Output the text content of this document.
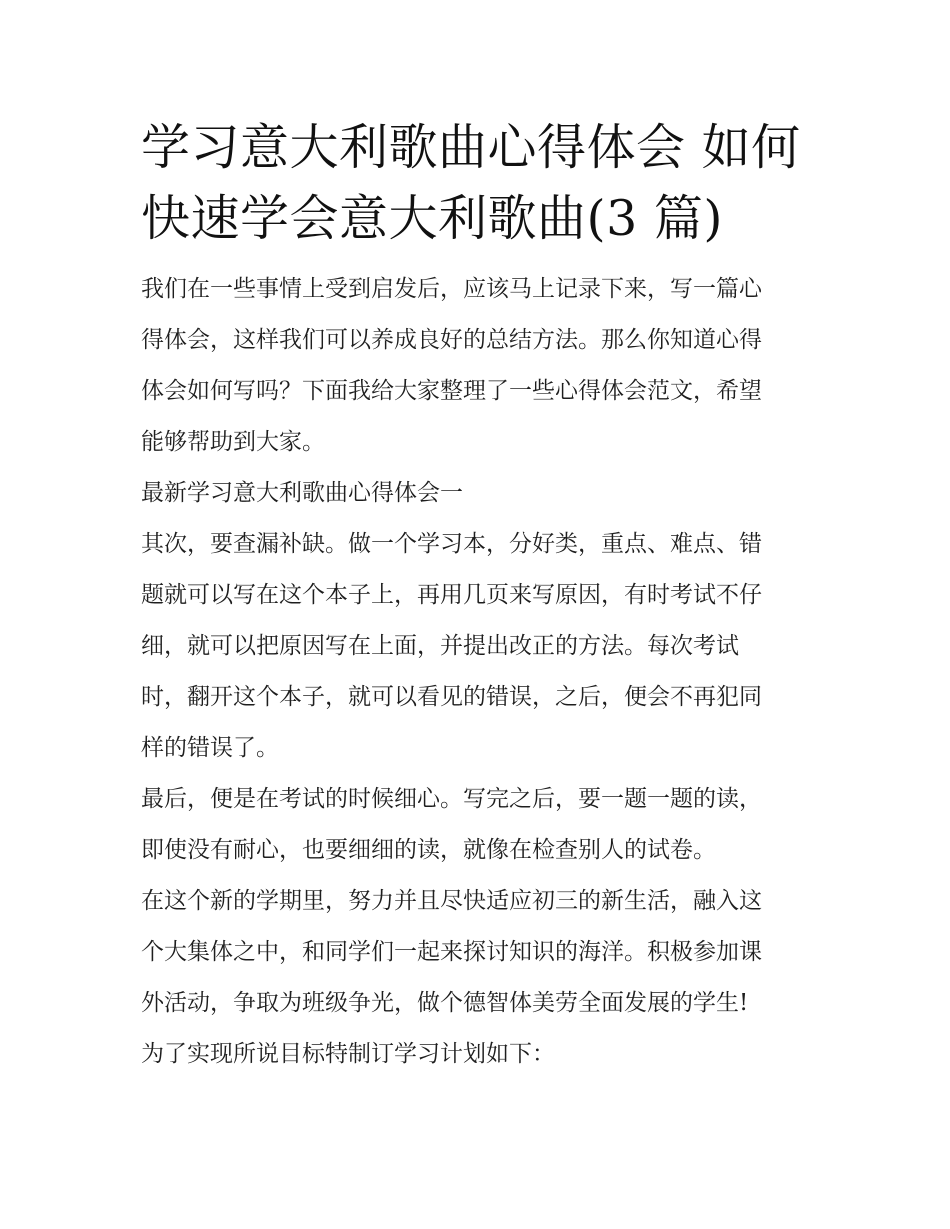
学习意大利歌曲心得体会 如何
快速学会意大利歌曲(3 篇)

我们在一些事情上受到启发后，应该马上记录下来，写一篇心
得体会，这样我们可以养成良好的总结方法。那么你知道心得
体会如何写吗？下面我给大家整理了一些心得体会范文，希望
能够帮助到大家。

最新学习意大利歌曲心得体会一

其次，要查漏补缺。做一个学习本，分好类，重点、难点、错
题就可以写在这个本子上，再用几页来写原因，有时考试不仔
细，就可以把原因写在上面，并提出改正的方法。每次考试
时，翻开这个本子，就可以看见的错误，之后，便会不再犯同
样的错误了。

最后，便是在考试的时候细心。写完之后，要一题一题的读，
即使没有耐心，也要细细的读，就像在检查别人的试卷。

在这个新的学期里，努力并且尽快适应初三的新生活，融入这
个大集体之中，和同学们一起来探讨知识的海洋。积极参加课
外活动，争取为班级争光，做个德智体美劳全面发展的学生!

为了实现所说目标特制订学习计划如下：
